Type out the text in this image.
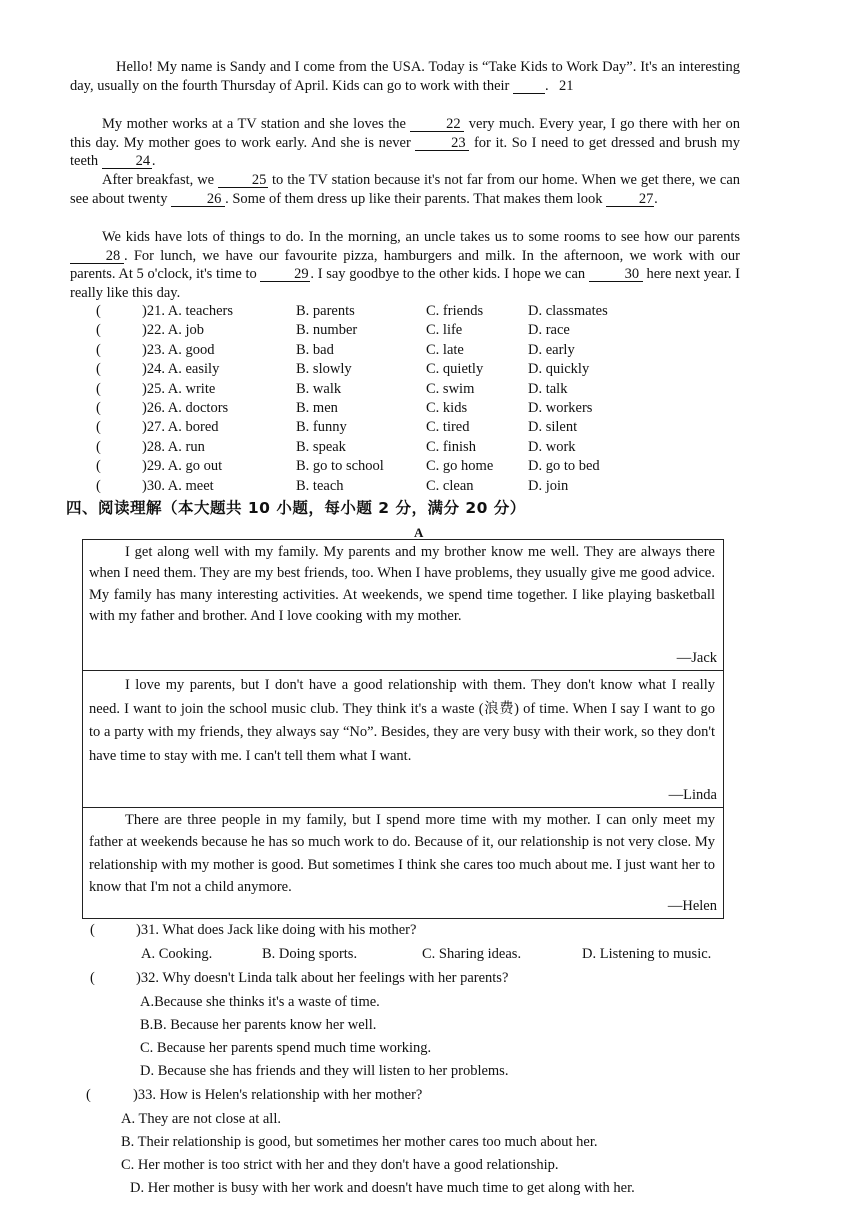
Hello! My name is Sandy and I come from the USA. Today is “Take Kids to Work Day”. It's an interesting day, usually on the fourth Thursday of April. Kids can go to work with their	21.

My mother works at a TV station and she loves the	22 very much. Every year, I go there with her on this day. My mother goes to work early. And she is never	23 for it. So I need to get dressed and brush my teeth	24 .

After breakfast, we	25 to the TV station because it's not far from our home. When we get there, we can see about twenty	26 . Some of them dress up like their parents. That makes them look	27.

We kids have lots of things to do. In the morning, an uncle takes us to some rooms to see how our parents 28 . For lunch, we have our favourite pizza, hamburgers and milk. In the afternoon, we work with our parents. At 5 o'clock, it's time to	29 . I say goodbye to the other kids. I hope we can	30 here next year. I really like this day.

(	)21. A. teachers	B. parents	C. friends	D. classmates
(	)22. A. job	B. number	C. life	D. race
(	)23. A. good	B. bad	C. late	D. early
(	)24. A. easily	B. slowly	C. quietly	D. quickly
(	)25. A. write	B. walk	C. swim	D. talk
(	)26. A. doctors	B. men	C. kids	D. workers
(	)27. A. bored	B. funny	C. tired	D. silent
(	)28. A. run	B. speak	C. finish	D. work
(	)29. A. go out	B. go to school	C. go home D. go to bed
(	)30. A. meet	B. teach	C. clean	D. join
四、阅读理解（本大题共 10 小题，每小题 2 分，满分 20 分）
A

I get along well with my family. My parents and my brother know me well. They are always there when I need them. They are my best friends, too. When I have problems, they usually give me good advice. My family has many interesting activities. At weekends, we spend time together. I like playing basketball with my father and brother. And I love cooking with my mother.

—Jack

I love my parents, but I don't have a good relationship with them. They don't know what I really need. I want to join the school music club. They think it's a waste (浪费) of time. When I say I want to go to a party with my friends, they always say “No”. Besides, they are very busy with their work, so they don't have time to stay with me. I can't tell them what I want.

—Linda

There are three people in my family, but I spend more time with my mother. I can only meet my father at weekends because he has so much work to do. Because of it, our relationship is not very close. My relationship with my mother is good. But sometimes I think she cares too much about me. I just want her to know that I'm not a child anymore.

—Helen
(	)31. What does Jack like doing with his mother?
A. Cooking.	B. Doing sports.	C. Sharing ideas.	D. Listening to music.
(	)32. Why doesn't Linda talk about her feelings with her parents?
A.Because she thinks it's a waste of time.
B.B. Because her parents know her well.
C. Because her parents spend much time working.
D. Because she has friends and they will listen to her problems.
(	)33. How is Helen's relationship with her mother?
A. They are not close at all.
B. Their relationship is good, but sometimes her mother cares too much about her.
C. Her mother is too strict with her and they don't have a good relationship.
D. Her mother is busy with her work and doesn't have much time to get along with her.
